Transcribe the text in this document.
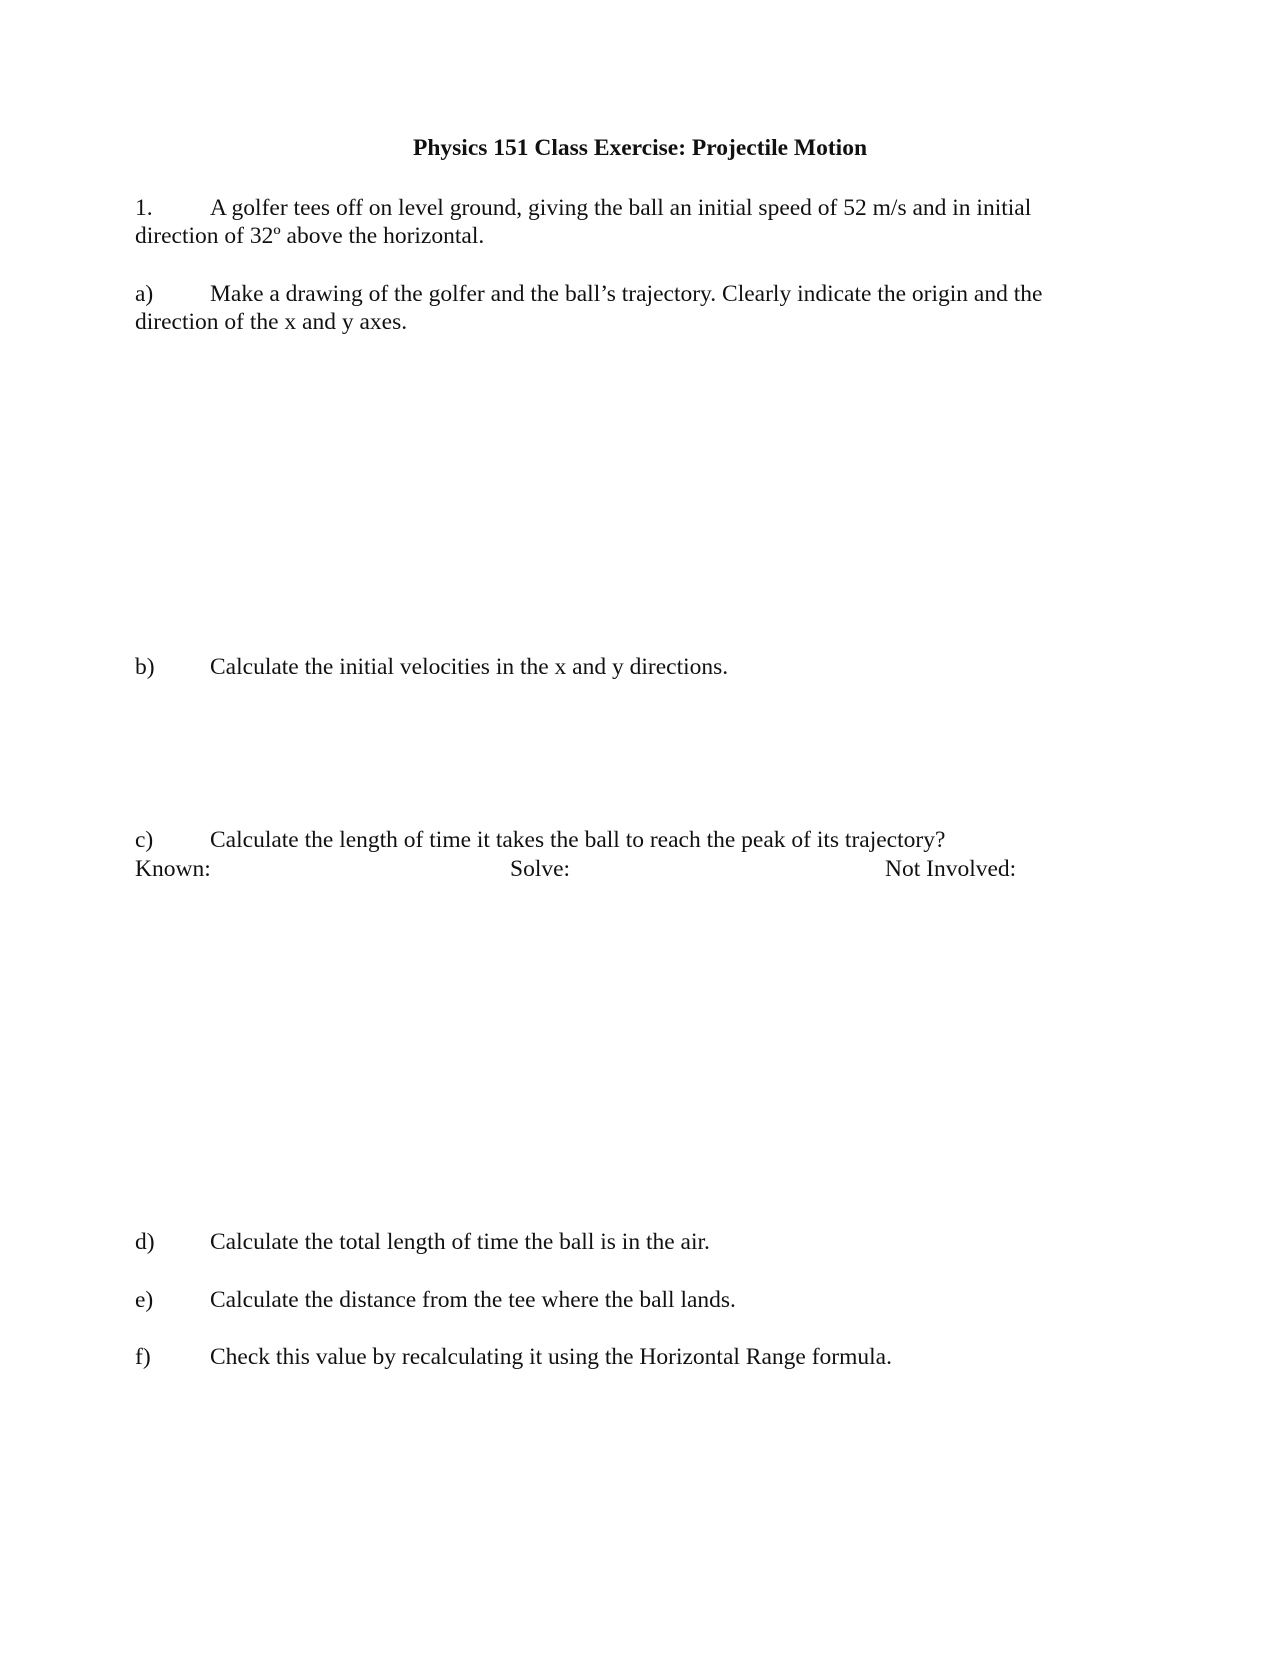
Physics 151 Class Exercise: Projectile Motion
1. A golfer tees off on level ground, giving the ball an initial speed of 52 m/s and in initial
direction of 32º above the horizontal.
a) Make a drawing of the golfer and the ball’s trajectory. Clearly indicate the origin and the
direction of the x and y axes.
b) Calculate the initial velocities in the x and y directions.
c) Calculate the length of time it takes the ball to reach the peak of its trajectory?
Known:	Solve:	Not Involved:
d) Calculate the total length of time the ball is in the air.
e) Calculate the distance from the tee where the ball lands.
f)	Check this value by recalculating it using the Horizontal Range formula.
